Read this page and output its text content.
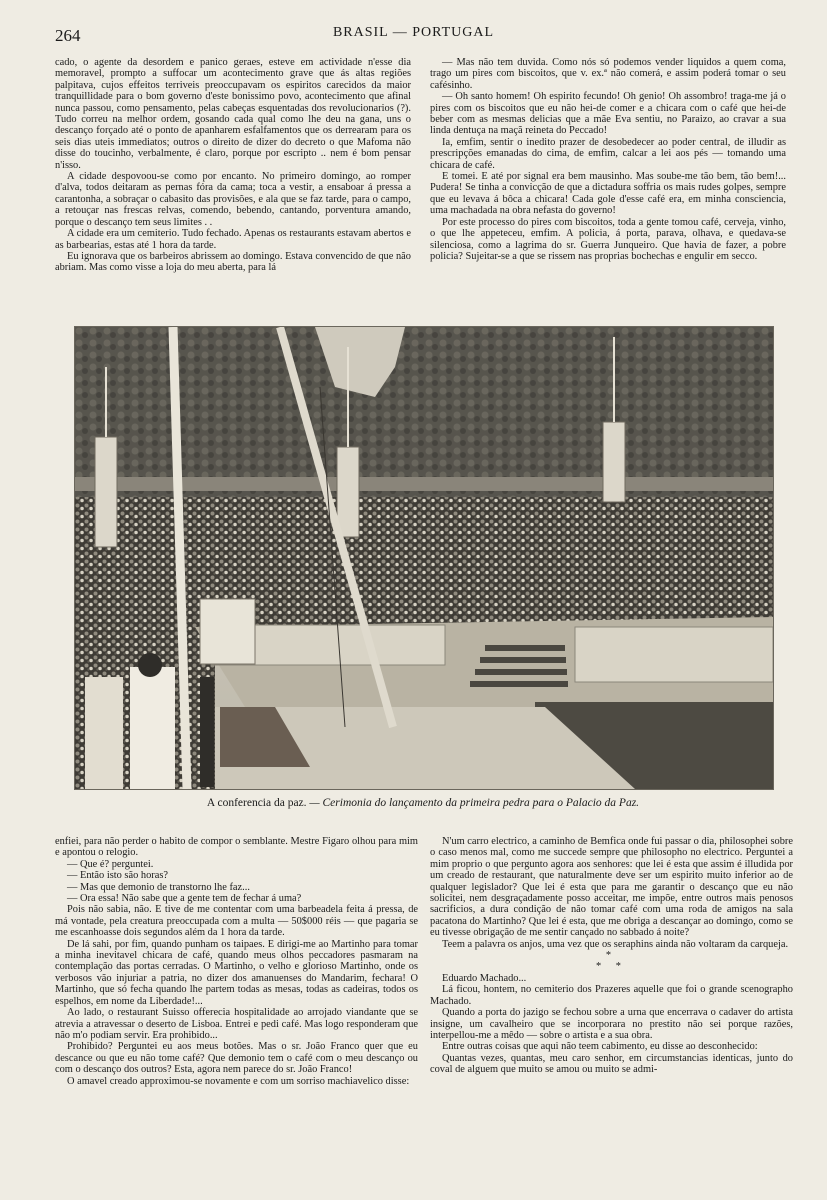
264	BRASIL — PORTUGAL

cado, o agente da desordem e panico geraes, esteve em actividade n'esse dia memoravel, prompto a suffocar um acontecimento grave que ás altas regiões palpitava, cujos effeitos terriveis preoccupavam os espiritos carecidos da maior tranquillidade para o bom governo d'este bonissimo povo, acontecimento que afinal nunca passou, como pensamento, pelas cabeças esquentadas dos revolucionarios (?). Tudo correu na melhor ordem, gosando cada qual como lhe deu na gana, uns o descanço forçado até o ponto de apanharem esfalfamentos que os derrearam para os seis dias uteis immediatos; outros o direito de dizer do decreto o que Mafoma não disse do toucinho, verbalmente, é claro, porque por escripto .. nem é bom pensar n'isso.

A cidade despovoou-se como por encanto. No primeiro domingo, ao romper d'alva, todos deitaram as pernas fóra da cama; toca a vestir, a ensaboar á pressa a carantonha, a sobraçar o cabasito das provisões, e ala que se faz tarde, para o campo, a retouçar nas frescas relvas, comendo, bebendo, cantando, porventura amando, porque o descanço tem seus limites . .

A cidade era um cemiterio. Tudo fechado. Apenas os restaurants estavam abertos e as barbearias, estas até 1 hora da tarde.

Eu ignorava que os barbeiros abrissem ao domingo. Estava convencido de que não abriam. Mas como visse a loja do meu aberta, para lá

— Mas não tem duvida. Como nós só podemos vender liquidos a quem coma, trago um pires com biscoitos, que v. ex.ª não comerá, e assim poderá tomar o seu cafésinho.

— Oh santo homem! Oh espirito fecundo! Oh genio! Oh assombro! traga-me já o pires com os biscoitos que eu não hei-de comer e a chicara com o café que hei-de beber com as mesmas delicias que a mãe Eva sentiu, no Paraizo, ao cravar a sua linda dentuça na maçã reineta do Peccado!

Ia, emfim, sentir o inedito prazer de desobedecer ao poder central, de illudir as prescripções emanadas do cima, de emfim, calcar a lei aos pés — tomando uma chicara de café.

E tomei. E até por signal era bem mausinho. Mas soube-me tão bem, tão bem!... Pudera! Se tinha a convicção de que a dictadura soffria os mais rudes golpes, sempre que eu levava á bôca a chicara! Cada gole d'esse café era, em minha consciencia, uma machadada na obra nefasta do governo!

Por este processo do pires com biscoitos, toda a gente tomou café, cerveja, vinho, o que lhe appeteceu, emfim. A policia, á porta, parava, olhava, e quedava-se silenciosa, como a lagrima do sr. Guerra Junqueiro. Que havia de fazer, a pobre policia? Sujeitar-se a que se rissem nas proprias bochechas e engulir em secco.

A conferencia da paz. — Cerimonia do lançamento da primeira pedra para o Palacio da Paz.

enfiei, para não perder o habito de compor o semblante. Mestre Figaro olhou para mim e apontou o relogio.

— Que é? perguntei.

— Então isto são horas?

— Mas que demonio de transtorno lhe faz...

— Ora essa! Não sabe que a gente tem de fechar á uma?

Pois não sabia, não. E tive de me contentar com uma barbeadela feita á pressa, de má vontade, pela creatura preoccupada com a multa — 50$000 réis — que pagaria se me escanhoasse dois segundos além da 1 hora da tarde.

De lá sahi, por fim, quando punham os taipaes. E dirigi-me ao Martinho para tomar a minha inevitavel chicara de café, quando meus olhos peccadores pasmaram na contemplação das portas cerradas. O Martinho, o velho e glorioso Martinho, onde os verbosos vão injuriar a patria, no dizer dos amanuenses do Mandarim, fechara! O Martinho, que só fecha quando lhe partem todas as mesas, todas as cadeiras, todos os espelhos, em nome da Liberdade!...

Ao lado, o restaurant Suisso offerecia hospitalidade ao arrojado viandante que se atrevia a atravessar o deserto de Lisboa. Entrei e pedi café. Mas logo responderam que não m'o podiam servir. Era prohibido...

Prohibido? Perguntei eu aos meus botões. Mas o sr. João Franco quer que eu descance ou que eu não tome café? Que demonio tem o café com o meu descanço ou com o descanço dos outros? Esta, agora nem parece do sr. João Franco!

O amavel creado approximou-se novamente e com um sorriso machiavelico disse:

N'um carro electrico, a caminho de Bemfica onde fui passar o dia, philosophei sobre o caso menos mal, como me succede sempre que philosopho no electrico. Perguntei a mim proprio o que pergunto agora aos senhores: que lei é esta que assim é illudida por um creado de restaurant, que naturalmente deve ser um espirito muito inferior ao de qualquer legislador? Que lei é esta que para me garantir o descanço que eu não solicitei, nem desgraçadamente posso acceitar, me impõe, entre outros mais penosos sacrificios, a dura condição de não tomar café com uma roda de amigos na sala pacatona do Martinho? Que lei é esta, que me obriga a descançar ao domingo, como se eu tivesse obrigação de me sentir cançado no sabbado á noite?

Teem a palavra os anjos, uma vez que os seraphins ainda não voltaram da carqueja.

*

* *

Eduardo Machado...

Lá ficou, hontem, no cemiterio dos Prazeres aquelle que foi o grande scenographo Machado.

Quando a porta do jazigo se fechou sobre a urna que encerrava o cadaver do artista insigne, um cavalheiro que se incorporara no prestito não sei porque razões, interpellou-me a mêdo — sobre o artista e a sua obra.

Entre outras coisas que aqui não teem cabimento, eu disse ao desconhecido:

Quantas vezes, quantas, meu caro senhor, em circumstancias identicas, junto do coval de alguem que muito se amou ou muito se admi-
